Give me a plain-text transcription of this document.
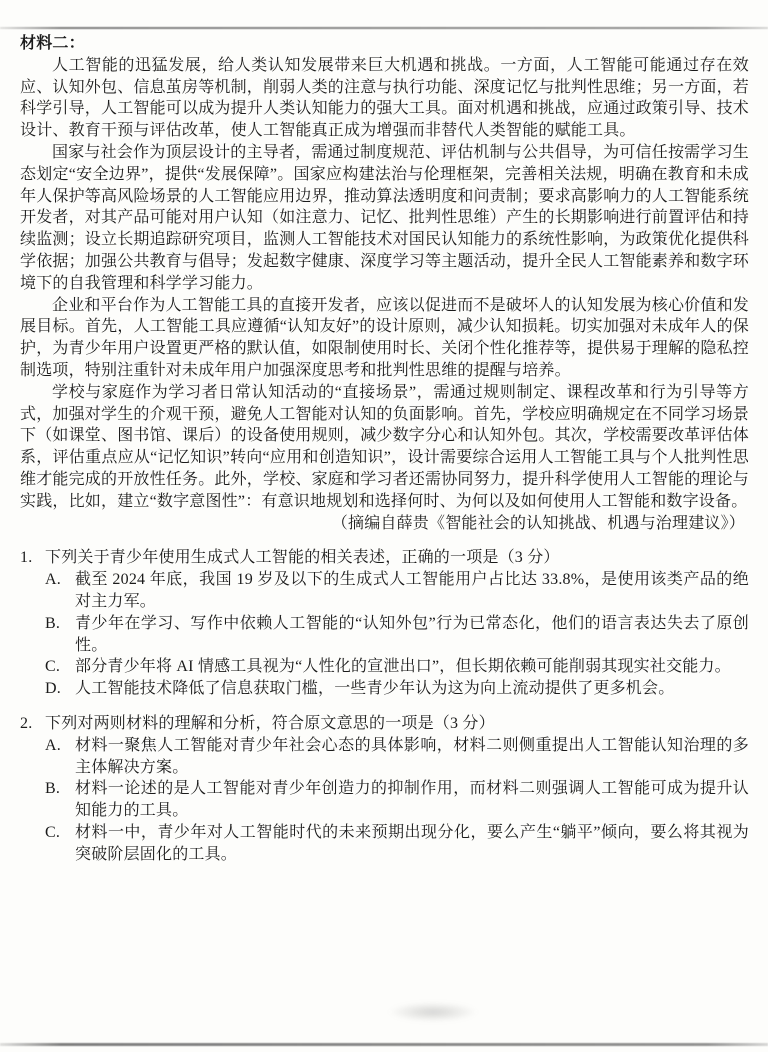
材料二：

人工智能的迅猛发展，给人类认知发展带来巨大机遇和挑战。一方面，人工智能可能通过存在效应、认知外包、信息茧房等机制，削弱人类的注意与执行功能、深度记忆与批判性思维；另一方面，若科学引导，人工智能可以成为提升人类认知能力的强大工具。面对机遇和挑战，应通过政策引导、技术设计、教育干预与评估改革，使人工智能真正成为增强而非替代人类智能的赋能工具。

国家与社会作为顶层设计的主导者，需通过制度规范、评估机制与公共倡导，为可信任按需学习生态划定“安全边界”，提供“发展保障”。国家应构建法治与伦理框架，完善相关法规，明确在教育和未成年人保护等高风险场景的人工智能应用边界，推动算法透明度和问责制；要求高影响力的人工智能系统开发者，对其产品可能对用户认知（如注意力、记忆、批判性思维）产生的长期影响进行前置评估和持续监测；设立长期追踪研究项目，监测人工智能技术对国民认知能力的系统性影响，为政策优化提供科学依据；加强公共教育与倡导；发起数字健康、深度学习等主题活动，提升全民人工智能素养和数字环境下的自我管理和科学学习能力。

企业和平台作为人工智能工具的直接开发者，应该以促进而不是破坏人的认知发展为核心价值和发展目标。首先，人工智能工具应遵循“认知友好”的设计原则，减少认知损耗。切实加强对未成年人的保护，为青少年用户设置更严格的默认值，如限制使用时长、关闭个性化推荐等，提供易于理解的隐私控制选项，特别注重针对未成年用户加强深度思考和批判性思维的提醒与培养。

学校与家庭作为学习者日常认知活动的“直接场景”，需通过规则制定、课程改革和行为引导等方式，加强对学生的介观干预，避免人工智能对认知的负面影响。首先，学校应明确规定在不同学习场景下（如课堂、图书馆、课后）的设备使用规则，减少数字分心和认知外包。其次，学校需要改革评估体系，评估重点应从“记忆知识”转向“应用和创造知识”，设计需要综合运用人工智能工具与个人批判性思维才能完成的开放性任务。此外，学校、家庭和学习者还需协同努力，提升科学使用人工智能的理论与实践，比如，建立“数字意图性”：有意识地规划和选择何时、为何以及如何使用人工智能和数字设备。

（摘编自薛贵《智能社会的认知挑战、机遇与治理建议》）

1. 下列关于青少年使用生成式人工智能的相关表述，正确的一项是（3 分）
A. 截至 2024 年底，我国 19 岁及以下的生成式人工智能用户占比达 33.8%，是使用该类产品的绝对主力军。
B. 青少年在学习、写作中依赖人工智能的“认知外包”行为已常态化，他们的语言表达失去了原创性。
C. 部分青少年将 AI 情感工具视为“人性化的宣泄出口”，但长期依赖可能削弱其现实社交能力。
D. 人工智能技术降低了信息获取门槛，一些青少年认为这为向上流动提供了更多机会。
2. 下列对两则材料的理解和分析，符合原文意思的一项是（3 分）
A. 材料一聚焦人工智能对青少年社会心态的具体影响，材料二则侧重提出人工智能认知治理的多主体解决方案。
B. 材料一论述的是人工智能对青少年创造力的抑制作用，而材料二则强调人工智能可成为提升认知能力的工具。
C. 材料一中，青少年对人工智能时代的未来预期出现分化，要么产生“躺平”倾向，要么将其视为突破阶层固化的工具。
